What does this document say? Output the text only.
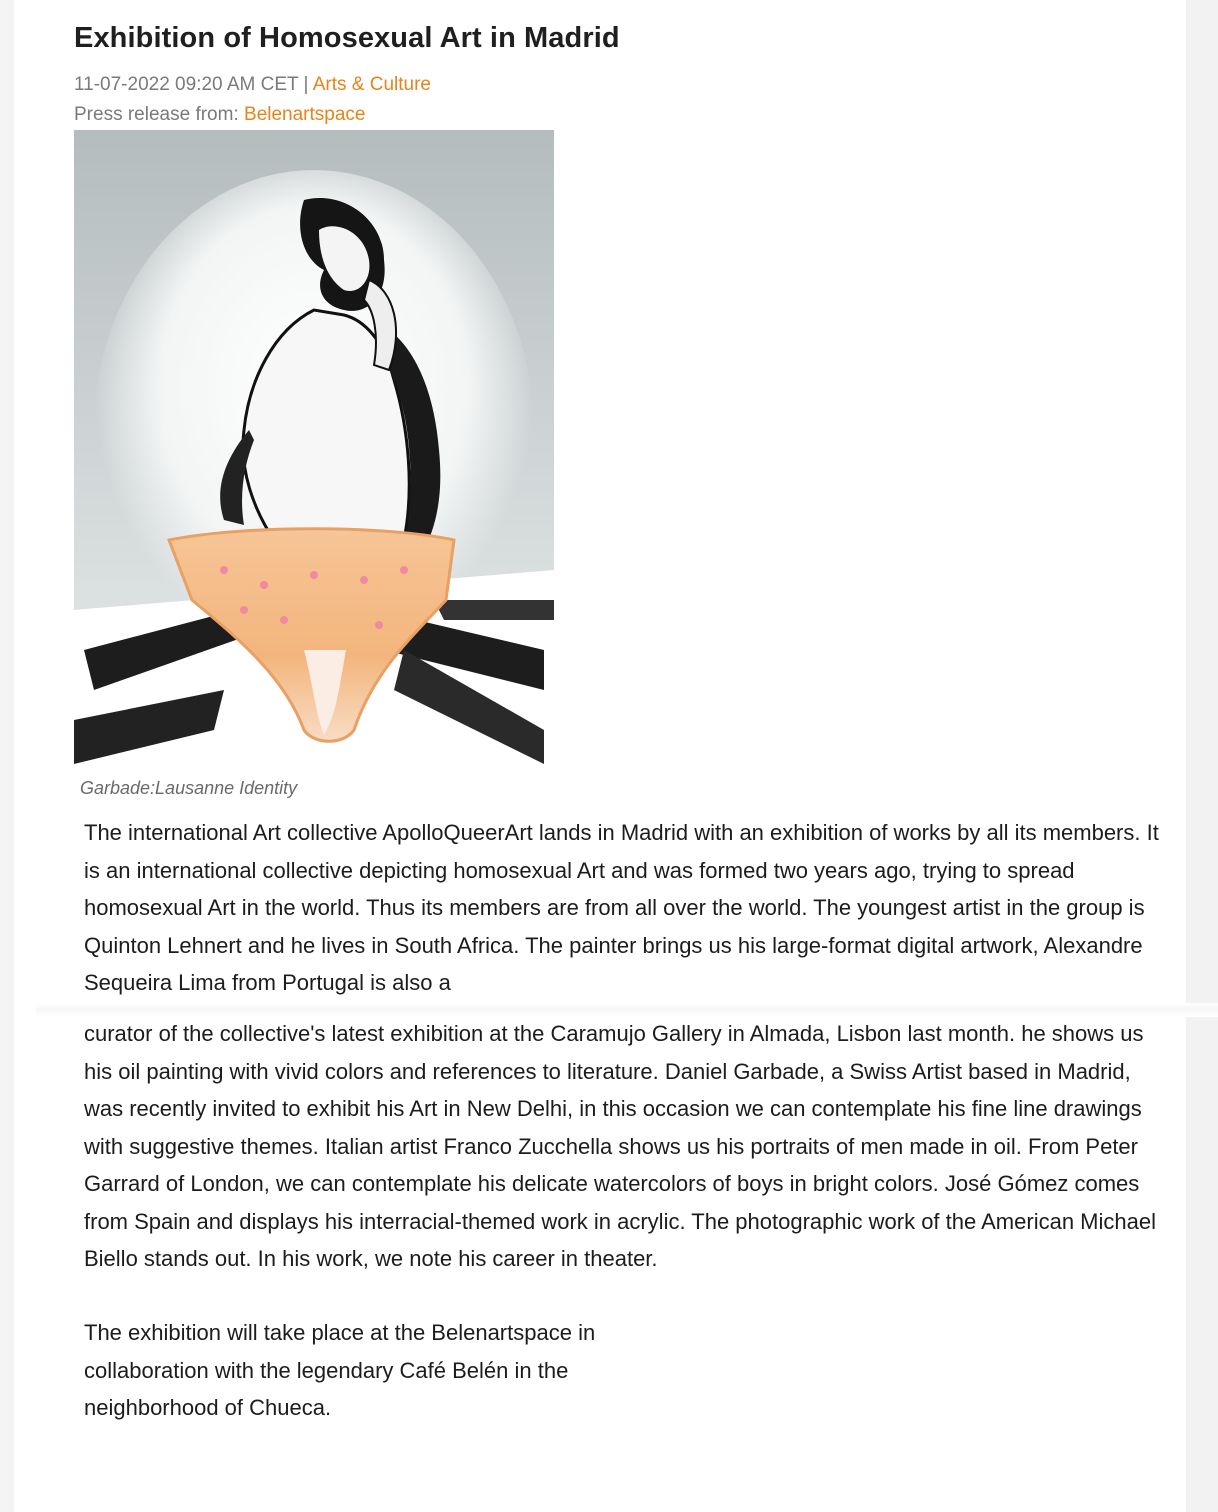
Exhibition of Homosexual Art in Madrid
11-07-2022 09:20 AM CET | Arts & Culture
Press release from: Belenartspace
Garbade:Lausanne Identity

The international Art collective ApolloQueerArt lands in Madrid with an exhibition of works by all its members. It is an international collective depicting homosexual Art and was formed two years ago, trying to spread homosexual Art in the world. Thus its members are from all over the world. The youngest artist in the group is Quinton Lehnert and he lives in South Africa. The painter brings us his large-format digital artwork, Alexandre Sequeira Lima from Portugal is also a

curator of the collective's latest exhibition at the Caramujo Gallery in Almada, Lisbon last month. he shows us his oil painting with vivid colors and references to literature. Daniel Garbade, a Swiss Artist based in Madrid, was recently invited to exhibit his Art in New Delhi, in this occasion we can contemplate his fine line drawings with suggestive themes. Italian artist Franco Zucchella shows us his portraits of men made in oil. From Peter Garrard of London, we can contemplate his delicate watercolors of boys in bright colors. José Gómez comes from Spain and displays his interracial-themed work in acrylic. The photographic work of the American Michael Biello stands out. In his work, we note his career in theater.

The exhibition will take place at the Belenartspace in collaboration with the legendary Café Belén in the neighborhood of Chueca.
